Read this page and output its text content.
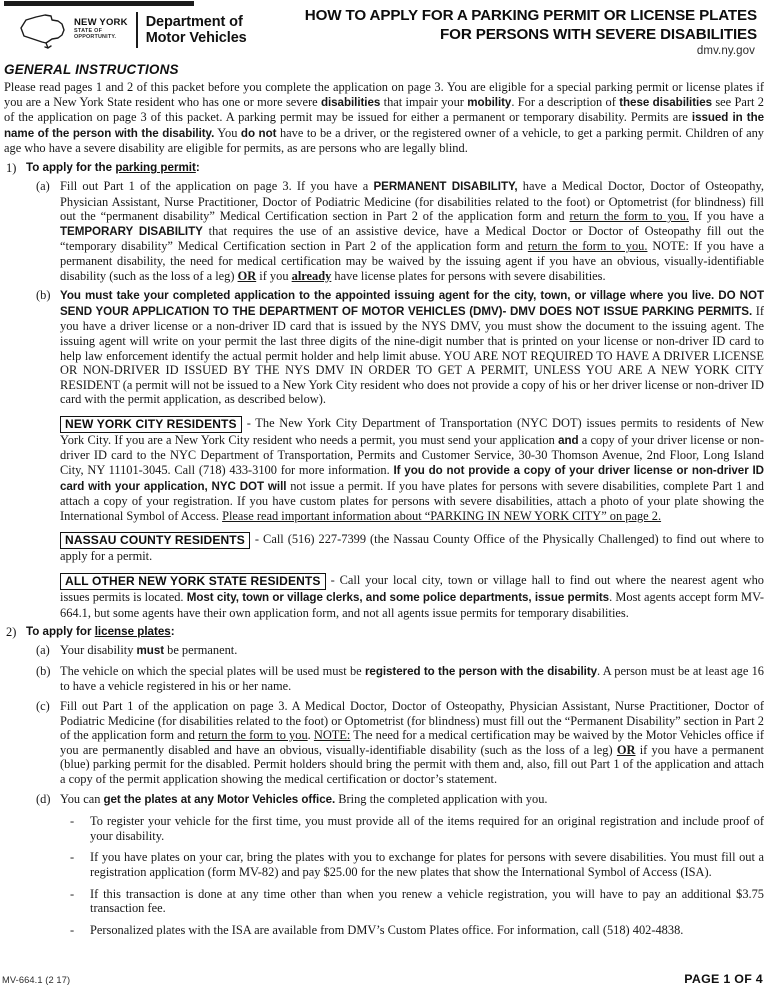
NEW YORK
STATE OF
OPPORTUNITY.
Department of
Motor Vehicles
HOW TO APPLY FOR A PARKING PERMIT OR LICENSE PLATES
FOR PERSONS WITH SEVERE DISABILITIES
dmv.ny.gov
GENERAL INSTRUCTIONS

Please read pages 1 and 2 of this packet before you complete the application on page 3. You are eligible for a special parking permit or license plates if you are a New York State resident who has one or more severe disabilities that impair your mobility. For a description of these disabilities see Part 2 of the application on page 3 of this packet. A parking permit may be issued for either a permanent or temporary disability. Permits are issued in the name of the person with the disability. You do not have to be a driver, or the registered owner of a vehicle, to get a parking permit. Children of any age who have a severe disability are eligible for permits, as are persons who are legally blind.

1) To apply for the parking permit:
(a) Fill out Part 1 of the application on page 3. If you have a PERMANENT DISABILITY, have a Medical Doctor, Doctor of Osteopathy, Physician Assistant, Nurse Practitioner, Doctor of Podiatric Medicine (for disabilities related to the foot) or Optometrist (for blindness) fill out the “permanent disability” Medical Certification section in Part 2 of the application form and return the form to you. If you have a TEMPORARY DISABILITY that requires the use of an assistive device, have a Medical Doctor or Doctor of Osteopathy fill out the “temporary disability” Medical Certification section in Part 2 of the application form and return the form to you. NOTE: If you have a permanent disability, the need for medical certification may be waived by the issuing agent if you have an obvious, visually-identifiable disability (such as the loss of a leg) OR if you already have license plates for persons with severe disabilities.

(b) You must take your completed application to the appointed issuing agent for the city, town, or village where you live. DO NOT SEND YOUR APPLICATION TO THE DEPARTMENT OF MOTOR VEHICLES (DMV)- DMV DOES NOT ISSUE PARKING PERMITS. If you have a driver license or a non-driver ID card that is issued by the NYS DMV, you must show the document to the issuing agent. The issuing agent will write on your permit the last three digits of the nine-digit number that is printed on your license or non-driver ID card to help law enforcement identify the actual permit holder and help limit abuse. YOU ARE NOT REQUIRED TO HAVE A DRIVER LICENSE OR NON-DRIVER ID ISSUED BY THE NYS DMV IN ORDER TO GET A PERMIT, UNLESS YOU ARE A NEW YORK CITY RESIDENT (a permit will not be issued to a New York City resident who does not provide a copy of his or her driver license or non-driver ID card with the permit application, as described below).

NEW YORK CITY RESIDENTS - The New York City Department of Transportation (NYC DOT) issues permits to residents of New York City. If you are a New York City resident who needs a permit, you must send your application and a copy of your driver license or non-driver ID card to the NYC Department of Transportation, Permits and Customer Service, 30-30 Thomson Avenue, 2nd Floor, Long Island City, NY 11101-3045. Call (718) 433-3100 for more information. If you do not provide a copy of your driver license or non-driver ID card with your application, NYC DOT will not issue a permit. If you have plates for persons with severe disabilities, complete Part 1 and attach a copy of your registration. If you have custom plates for persons with severe disabilities, attach a photo of your plate showing the International Symbol of Access. Please read important information about “PARKING IN NEW YORK CITY” on page 2.

NASSAU COUNTY RESIDENTS - Call (516) 227-7399 (the Nassau County Office of the Physically Challenged) to find out where to apply for a permit.

ALL OTHER NEW YORK STATE RESIDENTS - Call your local city, town or village hall to find out where the nearest agent who issues permits is located. Most city, town or village clerks, and some police departments, issue permits. Most agents accept form MV-664.1, but some agents have their own application form, and not all agents issue permits for temporary disabilities.

2) To apply for license plates:
(a) Your disability must be permanent.

(b) The vehicle on which the special plates will be used must be registered to the person with the disability. A person must be at least age 16 to have a vehicle registered in his or her name.

(c) Fill out Part 1 of the application on page 3. A Medical Doctor, Doctor of Osteopathy, Physician Assistant, Nurse Practitioner, Doctor of Podiatric Medicine (for disabilities related to the foot) or Optometrist (for blindness) must fill out the “Permanent Disability” section in Part 2 of the application form and return the form to you. NOTE: The need for a medical certification may be waived by the Motor Vehicles office if you are permanently disabled and have an obvious, visually-identifiable disability (such as the loss of a leg) OR if you have a permanent (blue) parking permit for the disabled. Permit holders should bring the permit with them and, also, fill out Part 1 of the application and attach a copy of the permit application showing the medical certification or doctor’s statement.

(d) You can get the plates at any Motor Vehicles office. Bring the completed application with you.

- To register your vehicle for the first time, you must provide all of the items required for an original registration and include proof of your disability.

- If you have plates on your car, bring the plates with you to exchange for plates for persons with severe disabilities. You must fill out a registration application (form MV-82) and pay $25.00 for the new plates that show the International Symbol of Access (ISA).

- If this transaction is done at any time other than when you renew a vehicle registration, you will have to pay an additional $3.75 transaction fee.

- Personalized plates with the ISA are available from DMV’s Custom Plates office. For information, call (518) 402-4838.

MV-664.1 (2 17)	PAGE 1 OF 4
